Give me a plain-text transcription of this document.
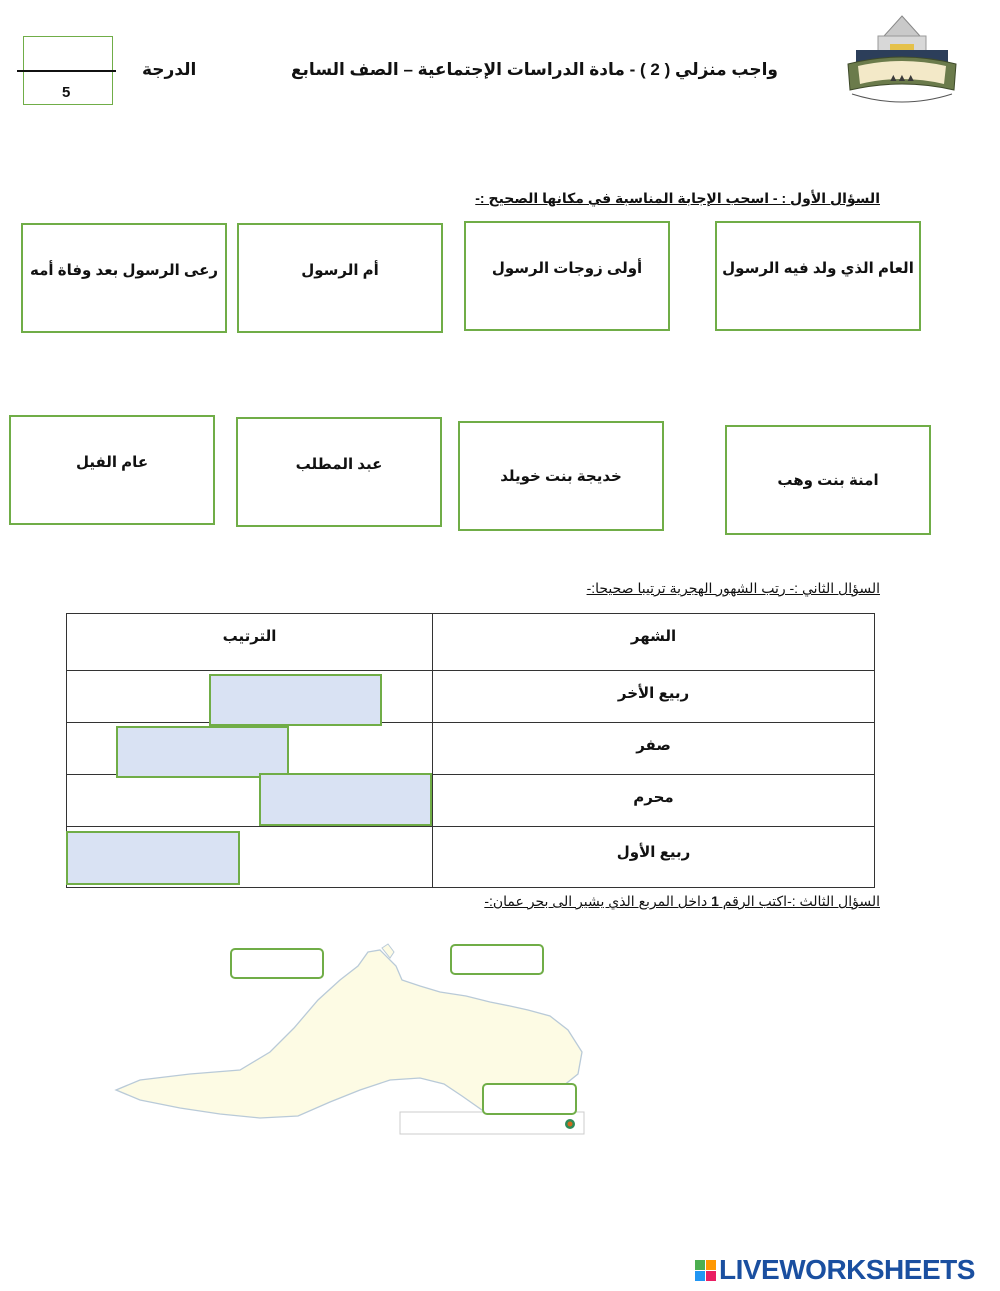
▲ ▲ ▲
واجب منزلي ( 2 ) - مادة الدراسات الإجتماعية – الصف السابع
الدرجة
5
السؤال الأول : - اسحب الإجابة المناسبة في مكانها الصحيح :-
العام الذي ولد فيه الرسول
أولى زوجات الرسول
أم الرسول
رعى الرسول بعد وفاة أمه
امنة بنت وهب
خديجة بنت خويلد
عبد المطلب
عام الفيل
السؤال الثاني :- رتب الشهور الهجرية ترتيبا صحيحا:-
الترتيب	الشهر
	ربيع الأخر
	صفر
	محرم
	ربيع الأول
السؤال الثالث :-اكتب الرقم 1 داخل المربع الذي يشير الى بحر عمان:-
LIVEWORKSHEETS
